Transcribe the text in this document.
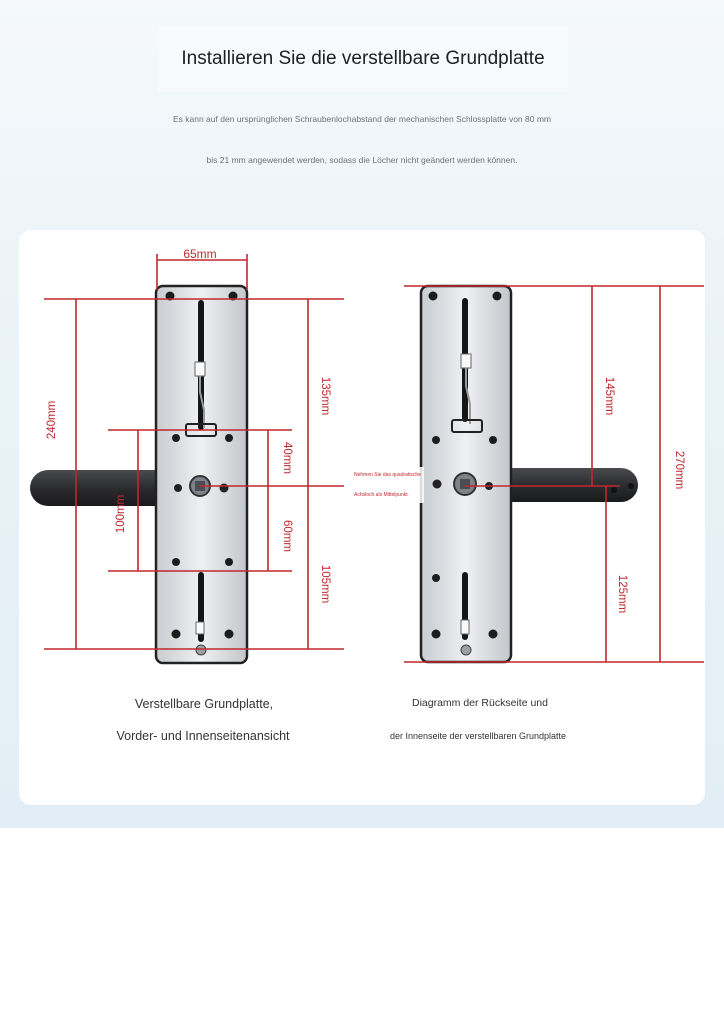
Installieren Sie die verstellbare Grundplatte
Es kann auf den ursprünglichen Schraubenlochabstand der mechanischen Schlossplatte von 80 mm
bis 21 mm angewendet werden, sodass die Löcher nicht geändert werden können.
65mm
240mm
135mm
105mm
100mm
40mm
60mm
Nehmen Sie das quadratische
Achsloch als Mittelpunkt
145mm
125mm
270mm
Verstellbare Grundplatte,
Vorder- und Innenseitenansicht
Diagramm der Rückseite und
der Innenseite der verstellbaren Grundplatte
